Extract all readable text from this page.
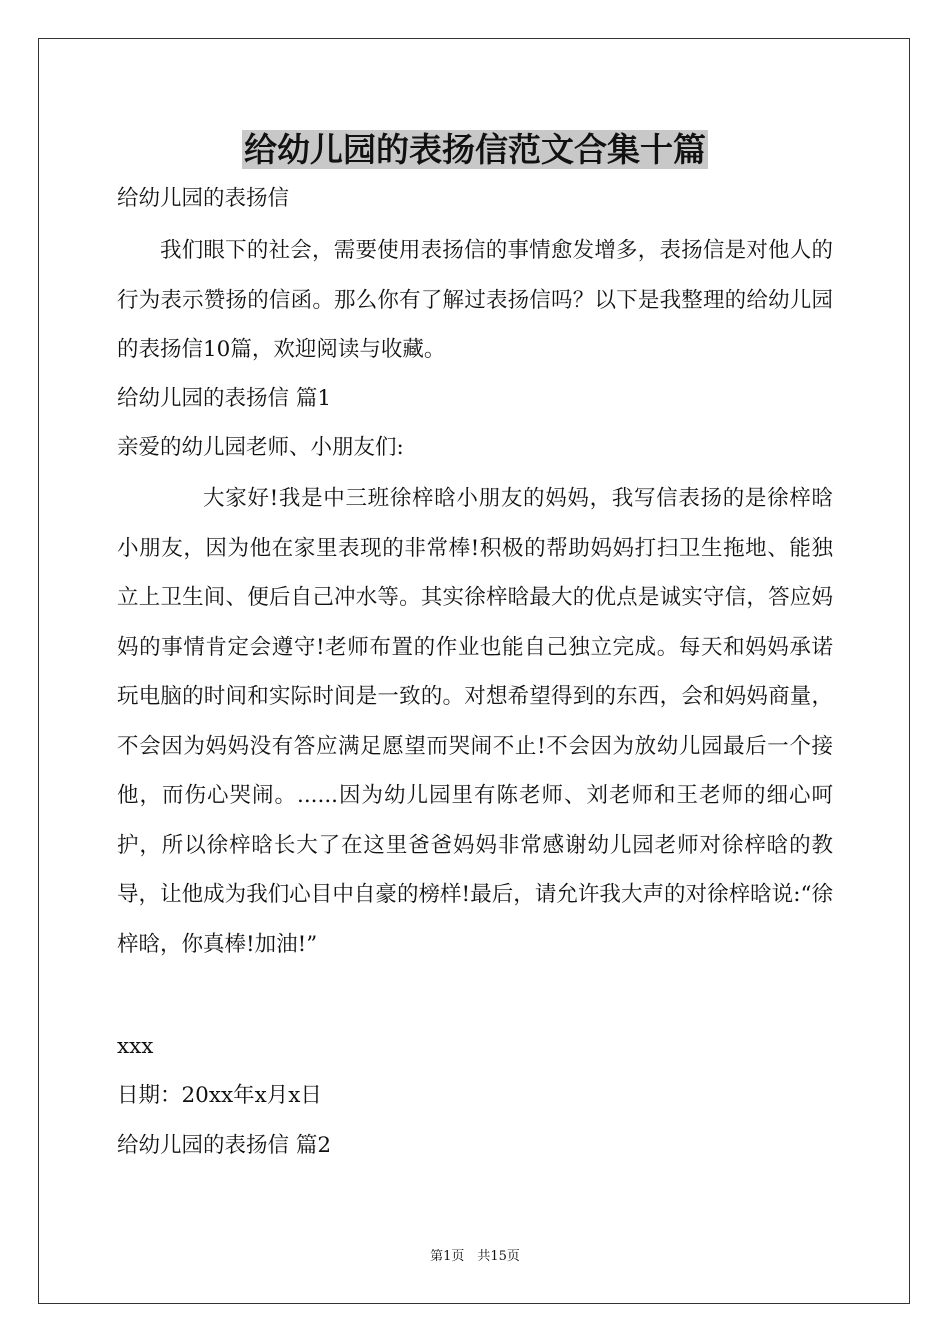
给幼儿园的表扬信范文合集十篇
给幼儿园的表扬信
我们眼下的社会，需要使用表扬信的事情愈发增多，表扬信是对他人的行为表示赞扬的信函。那么你有了解过表扬信吗？以下是我整理的给幼儿园的表扬信10篇，欢迎阅读与收藏。
给幼儿园的表扬信 篇1
亲爱的幼儿园老师、小朋友们:
大家好!我是中三班徐梓晗小朋友的妈妈，我写信表扬的是徐梓晗小朋友，因为他在家里表现的非常棒!积极的帮助妈妈打扫卫生拖地、能独立上卫生间、便后自己冲水等。其实徐梓晗最大的优点是诚实守信，答应妈妈的事情肯定会遵守!老师布置的作业也能自己独立完成。每天和妈妈承诺玩电脑的时间和实际时间是一致的。对想希望得到的东西，会和妈妈商量，不会因为妈妈没有答应满足愿望而哭闹不止!不会因为放幼儿园最后一个接他，而伤心哭闹。......因为幼儿园里有陈老师、刘老师和王老师的细心呵护，所以徐梓晗长大了在这里爸爸妈妈非常感谢幼儿园老师对徐梓晗的教导，让他成为我们心目中自豪的榜样!最后，请允许我大声的对徐梓晗说:“徐梓晗，你真棒!加油!”
xxx
日期：20xx年x月x日
给幼儿园的表扬信 篇2
第1页　共15页
